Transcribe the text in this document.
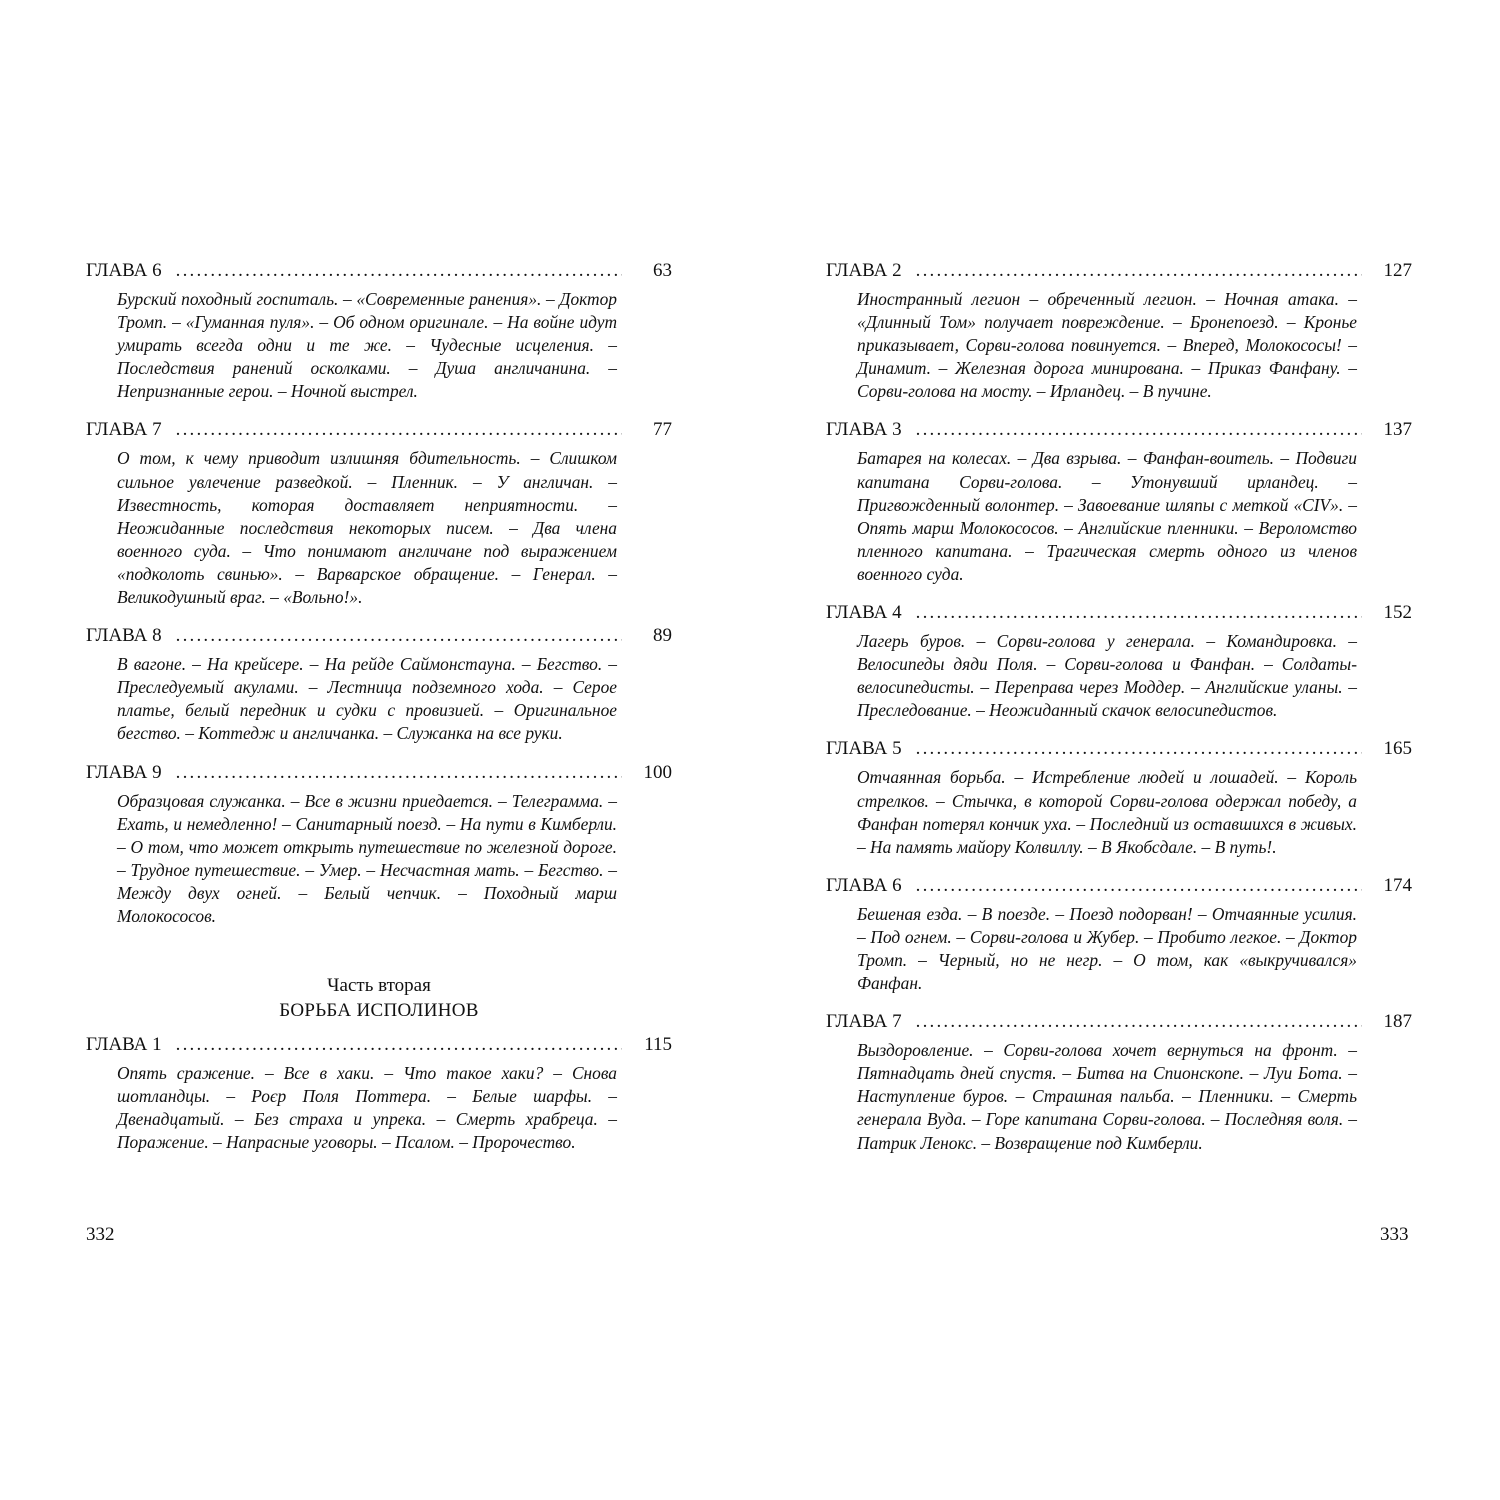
ГЛАВА 6 .....	63

Бурский походный госпиталь. – «Современные ранения». – Доктор Тромп. – «Гуманная пуля». – Об одном оригинале. – На войне идут умирать всегда одни и те же. – Чудесные исцеления. – Последствия ранений осколками. – Душа англичанина. – Непризнанные герои. – Ночной выстрел.

ГЛАВА 7 .....	77

О том, к чему приводит излишняя бдительность. – Слишком сильное увлечение разведкой. – Пленник. – У англичан. – Известность, которая доставляет неприятности. – Неожиданные последствия некоторых писем. – Два члена военного суда. – Что понимают англичане под выражением «подколоть свинью». – Варварское обращение. – Генерал. – Великодушный враг. – «Вольно!».

ГЛАВА 8 .....	89

В вагоне. – На крейсере. – На рейде Саймонстауна. – Бегство. – Преследуемый акулами. – Лестница подземного хода. – Серое платье, белый передник и судки с провизией. – Оригинальное бегство. – Коттедж и англичанка. – Служанка на все руки.

ГЛАВА 9 .....	100

Образцовая служанка. – Все в жизни приедается. – Телеграмма. – Ехать, и немедленно! – Санитарный поезд. – На пути в Кимберли. – О том, что может открыть путешествие по железной дороге. – Трудное путешествие. – Умер. – Несчастная мать. – Бегство. – Между двух огней. – Белый чепчик. – Походный марш Молокососов.

Часть вторая
БОРЬБА ИСПОЛИНОВ
ГЛАВА 1 .....	115

Опять сражение. – Все в хаки. – Что такое хаки? – Снова шотландцы. – Роєр Поля Поттера. – Белые шарфы. – Двенадцатый. – Без страха и упрека. – Смерть храбреца. – Поражение. – Напрасные уговоры. – Псалом. – Пророчество.

332
ГЛАВА 2 .....	127

Иностранный легион – обреченный легион. – Ночная атака. – «Длинный Том» получает повреждение. – Бронепоезд. – Кронье приказывает, Сорви-голова повинуется. – Вперед, Молокососы! – Динамит. – Железная дорога минирована. – Приказ Фанфану. – Сорви-голова на мосту. – Ирландец. – В пучине.

ГЛАВА 3 .....	137

Батарея на колесах. – Два взрыва. – Фанфан-воитель. – Подвиги капитана Сорви-голова. – Утонувший ирландец. – Пригвожденный волонтер. – Завоевание шляпы с меткой «CIV». – Опять марш Молокососов. – Английские пленники. – Вероломство пленного капитана. – Трагическая смерть одного из членов военного суда.

ГЛАВА 4 .....	152

Лагерь буров. – Сорви-голова у генерала. – Командировка. – Велосипеды дяди Поля. – Сорви-голова и Фанфан. – Солдаты-велосипедисты. – Переправа через Моддер. – Английские уланы. – Преследование. – Неожиданный скачок велосипедистов.

ГЛАВА 5 .....	165

Отчаянная борьба. – Истребление людей и лошадей. – Король стрелков. – Стычка, в которой Сорви-голова одержал победу, а Фанфан потерял кончик уха. – Последний из оставшихся в живых. – На память майору Колвиллу. – В Якобсдале. – В путь!.

ГЛАВА 6 .....	174

Бешеная езда. – В поезде. – Поезд подорван! – Отчаянные усилия. – Под огнем. – Сорви-голова и Жубер. – Пробито легкое. – Доктор Тромп. – Черный, но не негр. – О том, как «выкручивался» Фанфан.

ГЛАВА 7 .....	187

Выздоровление. – Сорви-голова хочет вернуться на фронт. – Пятнадцать дней спустя. – Битва на Спионскопе. – Луи Бота. – Наступление буров. – Страшная пальба. – Пленники. – Смерть генерала Вуда. – Горе капитана Сорви-голова. – Последняя воля. – Патрик Ленокс. – Возвращение под Кимберли.

333
